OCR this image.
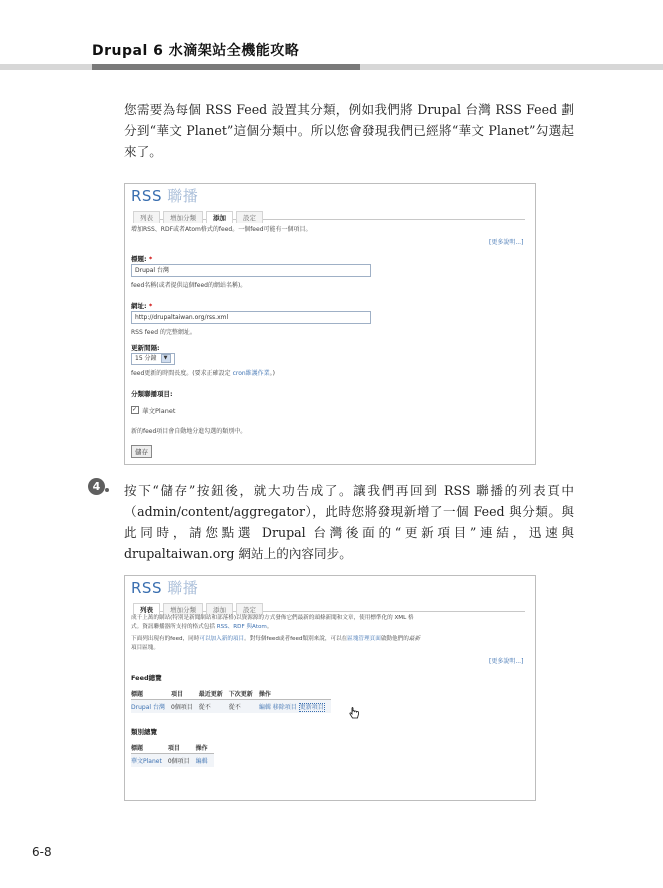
Drupal 6 水滴架站全機能攻略
您需要為每個 RSS Feed 設置其分類，例如我們將 Drupal 台灣 RSS Feed 劃分到“華文 Planet”這個分類中。所以您會發現我們已經將“華文 Planet”勾選起來了。
RSS 聯播
列表	增加分類	添加	設定
增加RSS、RDF或者Atom格式的feed。一個feed可能有一個項目。
[更多說明...]
標題: *
Drupal 台灣
feed名稱(或者提供這個feed的網站名稱)。
網址: *
http://drupaltaiwan.org/rss.xml
RSS feed 的完整網址。
更新間隔:
15 分鐘 ▼
feed更新的時間長度。(要求正確設定 cron維護作業。)
分類聯播項目:
✓ 華文Planet
新的feed項目會自動地分進勾選的類別中。
儲存
4	按下“儲存”按鈕後，就大功告成了。讓我們再回到 RSS 聯播的列表頁中（admin/content/aggregator），此時您將發現新增了一個 Feed 與分類。與此同時，請您點選 Drupal 台灣後面的“更新項目”連結，迅速與 drupaltaiwan.org 網站上的內容同步。
RSS 聯播
列表	增加分類	添加	設定
成千上萬的網站(特別是新聞網站和部落格)以資源源的方式發佈它們最新的頭條新聞和文章，使用標準化的 XML 格
式。資訊聯播器所支持的格式包括 RSS、RDF 與Atom。
下面列出現有的feed，同時可以加入新的項目。對每個feed或者feed類別來說，可以在區塊管理頁面啟動他們的最新
項目區塊。
[更多說明...]
Feed總覽
標題	項目	最近更新	下次更新	操作
Drupal 台灣	0個項目	從不	從不	編輯 移除項目 更新項目
類別總覽
標題	項目	操作
華文Planet	0個項目	編輯
6-8
